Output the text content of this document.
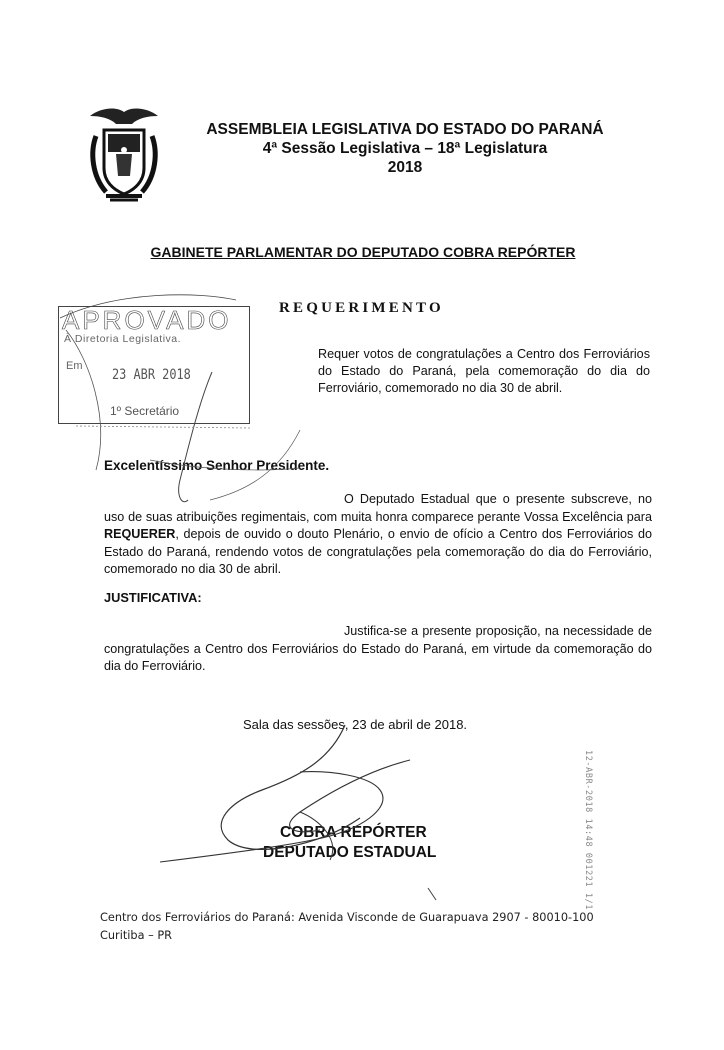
ASSEMBLEIA LEGISLATIVA DO ESTADO DO PARANÁ
4ª Sessão Legislativa – 18ª Legislatura
2018
GABINETE PARLAMENTAR DO DEPUTADO COBRA REPÓRTER
APROVADO
À Diretoria Legislativa.
Em
23 ABR 2018
1º Secretário
REQUERIMENTO
Requer votos de congratulações a Centro dos Ferroviários do Estado do Paraná, pela comemoração do dia do Ferroviário, comemorado no dia 30 de abril.
Excelentíssimo Senhor Presidente.
O Deputado Estadual que o presente subscreve, no uso de suas atribuições regimentais, com muita honra comparece perante Vossa Excelência para REQUERER, depois de ouvido o douto Plenário, o envio de ofício a Centro dos Ferroviários do Estado do Paraná, rendendo votos de congratulações pela comemoração do dia do Ferroviário, comemorado no dia 30 de abril.
JUSTIFICATIVA:
Justifica-se a presente proposição, na necessidade de congratulações a Centro dos Ferroviários do Estado do Paraná, em virtude da comemoração do dia do Ferroviário.
Sala das sessões, 23 de abril de 2018.
COBRA REPÓRTER
DEPUTADO ESTADUAL
Centro dos Ferroviários do Paraná: Avenida Visconde de Guarapuava 2907 - 80010-100
Curitiba – PR
12-ABR-2018 14:48 001221 1/1
